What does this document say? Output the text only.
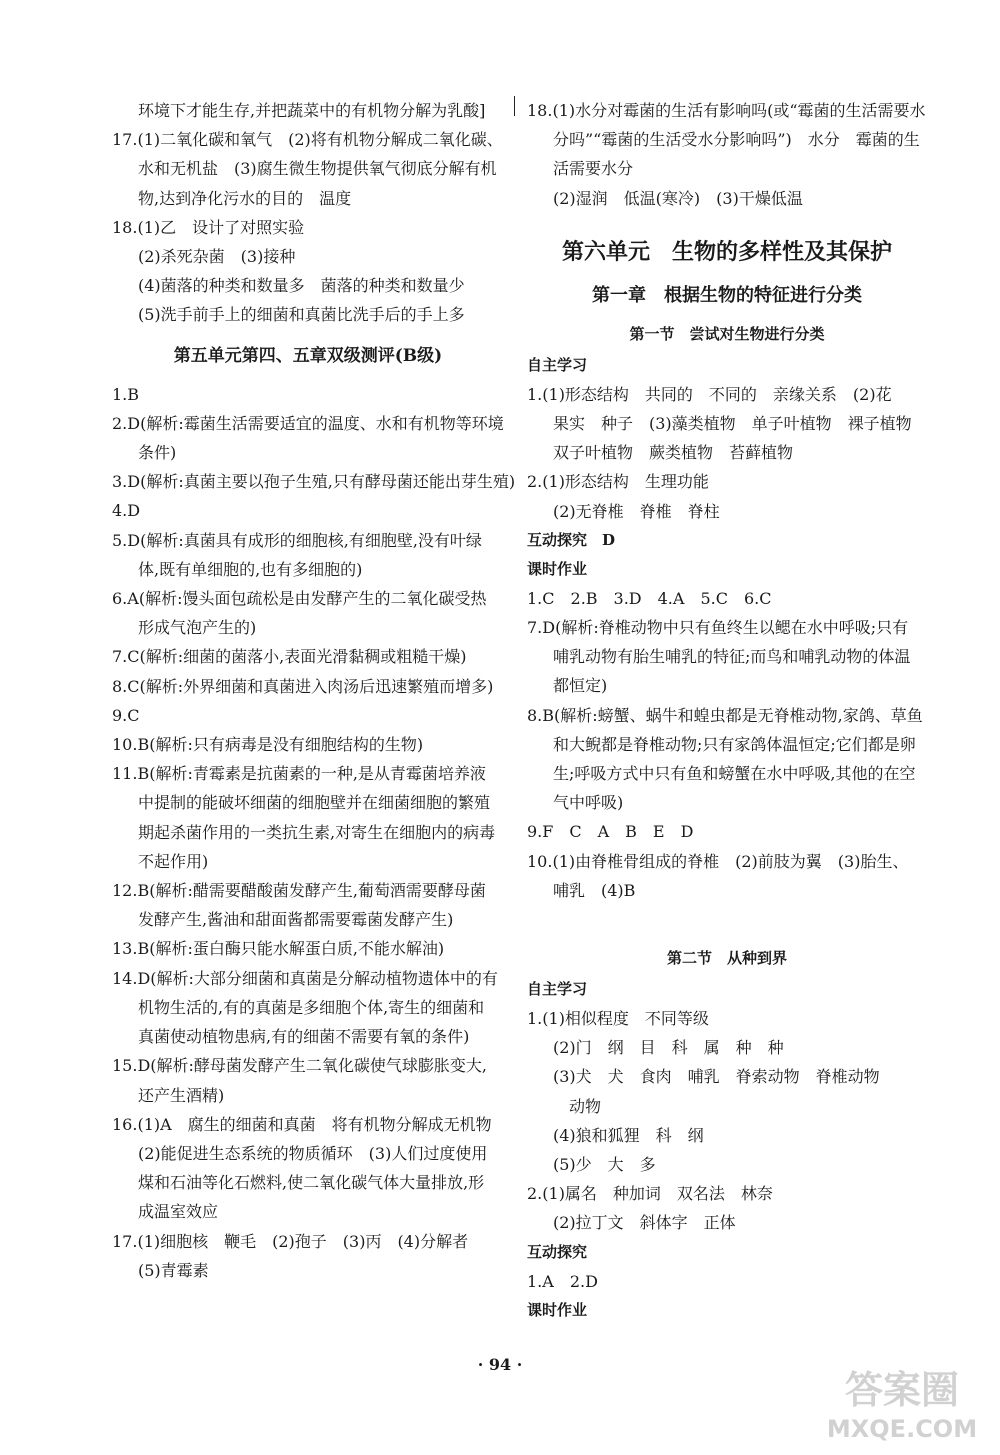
环境下才能生存,并把蔬菜中的有机物分解为乳酸]
17.(1)二氧化碳和氧气　(2)将有机物分解成二氧化碳、
水和无机盐　(3)腐生微生物提供氧气彻底分解有机
物,达到净化污水的目的　温度
18.(1)乙　设计了对照实验
(2)杀死杂菌　(3)接种
(4)菌落的种类和数量多　菌落的种类和数量少
(5)洗手前手上的细菌和真菌比洗手后的手上多
第五单元第四、五章双级测评(B级)
1.B
2.D(解析:霉菌生活需要适宜的温度、水和有机物等环境
条件)
3.D(解析:真菌主要以孢子生殖,只有酵母菌还能出芽生殖)
4.D
5.D(解析:真菌具有成形的细胞核,有细胞壁,没有叶绿
体,既有单细胞的,也有多细胞的)
6.A(解析:馒头面包疏松是由发酵产生的二氧化碳受热
形成气泡产生的)
7.C(解析:细菌的菌落小,表面光滑黏稠或粗糙干燥)
8.C(解析:外界细菌和真菌进入肉汤后迅速繁殖而增多)
9.C
10.B(解析:只有病毒是没有细胞结构的生物)
11.B(解析:青霉素是抗菌素的一种,是从青霉菌培养液
中提制的能破坏细菌的细胞壁并在细菌细胞的繁殖
期起杀菌作用的一类抗生素,对寄生在细胞内的病毒
不起作用)
12.B(解析:醋需要醋酸菌发酵产生,葡萄酒需要酵母菌
发酵产生,酱油和甜面酱都需要霉菌发酵产生)
13.B(解析:蛋白酶只能水解蛋白质,不能水解油)
14.D(解析:大部分细菌和真菌是分解动植物遗体中的有
机物生活的,有的真菌是多细胞个体,寄生的细菌和
真菌使动植物患病,有的细菌不需要有氧的条件)
15.D(解析:酵母菌发酵产生二氧化碳使气球膨胀变大,
还产生酒精)
16.(1)A　腐生的细菌和真菌　将有机物分解成无机物
(2)能促进生态系统的物质循环　(3)人们过度使用
煤和石油等化石燃料,使二氧化碳气体大量排放,形
成温室效应
17.(1)细胞核　鞭毛　(2)孢子　(3)丙　(4)分解者
(5)青霉素
18.(1)水分对霉菌的生活有影响吗(或“霉菌的生活需要水
分吗”“霉菌的生活受水分影响吗”)　水分　霉菌的生
活需要水分
(2)湿润　低温(寒冷)　(3)干燥低温
第六单元　生物的多样性及其保护
第一章　根据生物的特征进行分类
第一节　尝试对生物进行分类
自主学习
1.(1)形态结构　共同的　不同的　亲缘关系　(2)花
果实　种子　(3)藻类植物　单子叶植物　裸子植物
双子叶植物　蕨类植物　苔藓植物
2.(1)形态结构　生理功能
(2)无脊椎　脊椎　脊柱
互动探究　D
课时作业
1.C　2.B　3.D　4.A　5.C　6.C
7.D(解析:脊椎动物中只有鱼终生以鳃在水中呼吸;只有
哺乳动物有胎生哺乳的特征;而鸟和哺乳动物的体温
都恒定)
8.B(解析:螃蟹、蜗牛和蝗虫都是无脊椎动物,家鸽、草鱼
和大鲵都是脊椎动物;只有家鸽体温恒定;它们都是卵
生;呼吸方式中只有鱼和螃蟹在水中呼吸,其他的在空
气中呼吸)
9.F　C　A　B　E　D
10.(1)由脊椎骨组成的脊椎　(2)前肢为翼　(3)胎生、
哺乳　(4)B
第二节　从种到界
自主学习
1.(1)相似程度　不同等级
(2)门　纲　目　科　属　种　种
(3)犬　犬　食肉　哺乳　脊索动物　脊椎动物
　动物
(4)狼和狐狸　科　纲
(5)少　大　多
2.(1)属名　种加词　双名法　林奈
(2)拉丁文　斜体字　正体
互动探究
1.A　2.D
课时作业
· 94 ·
答案圈
MXQE.COM
